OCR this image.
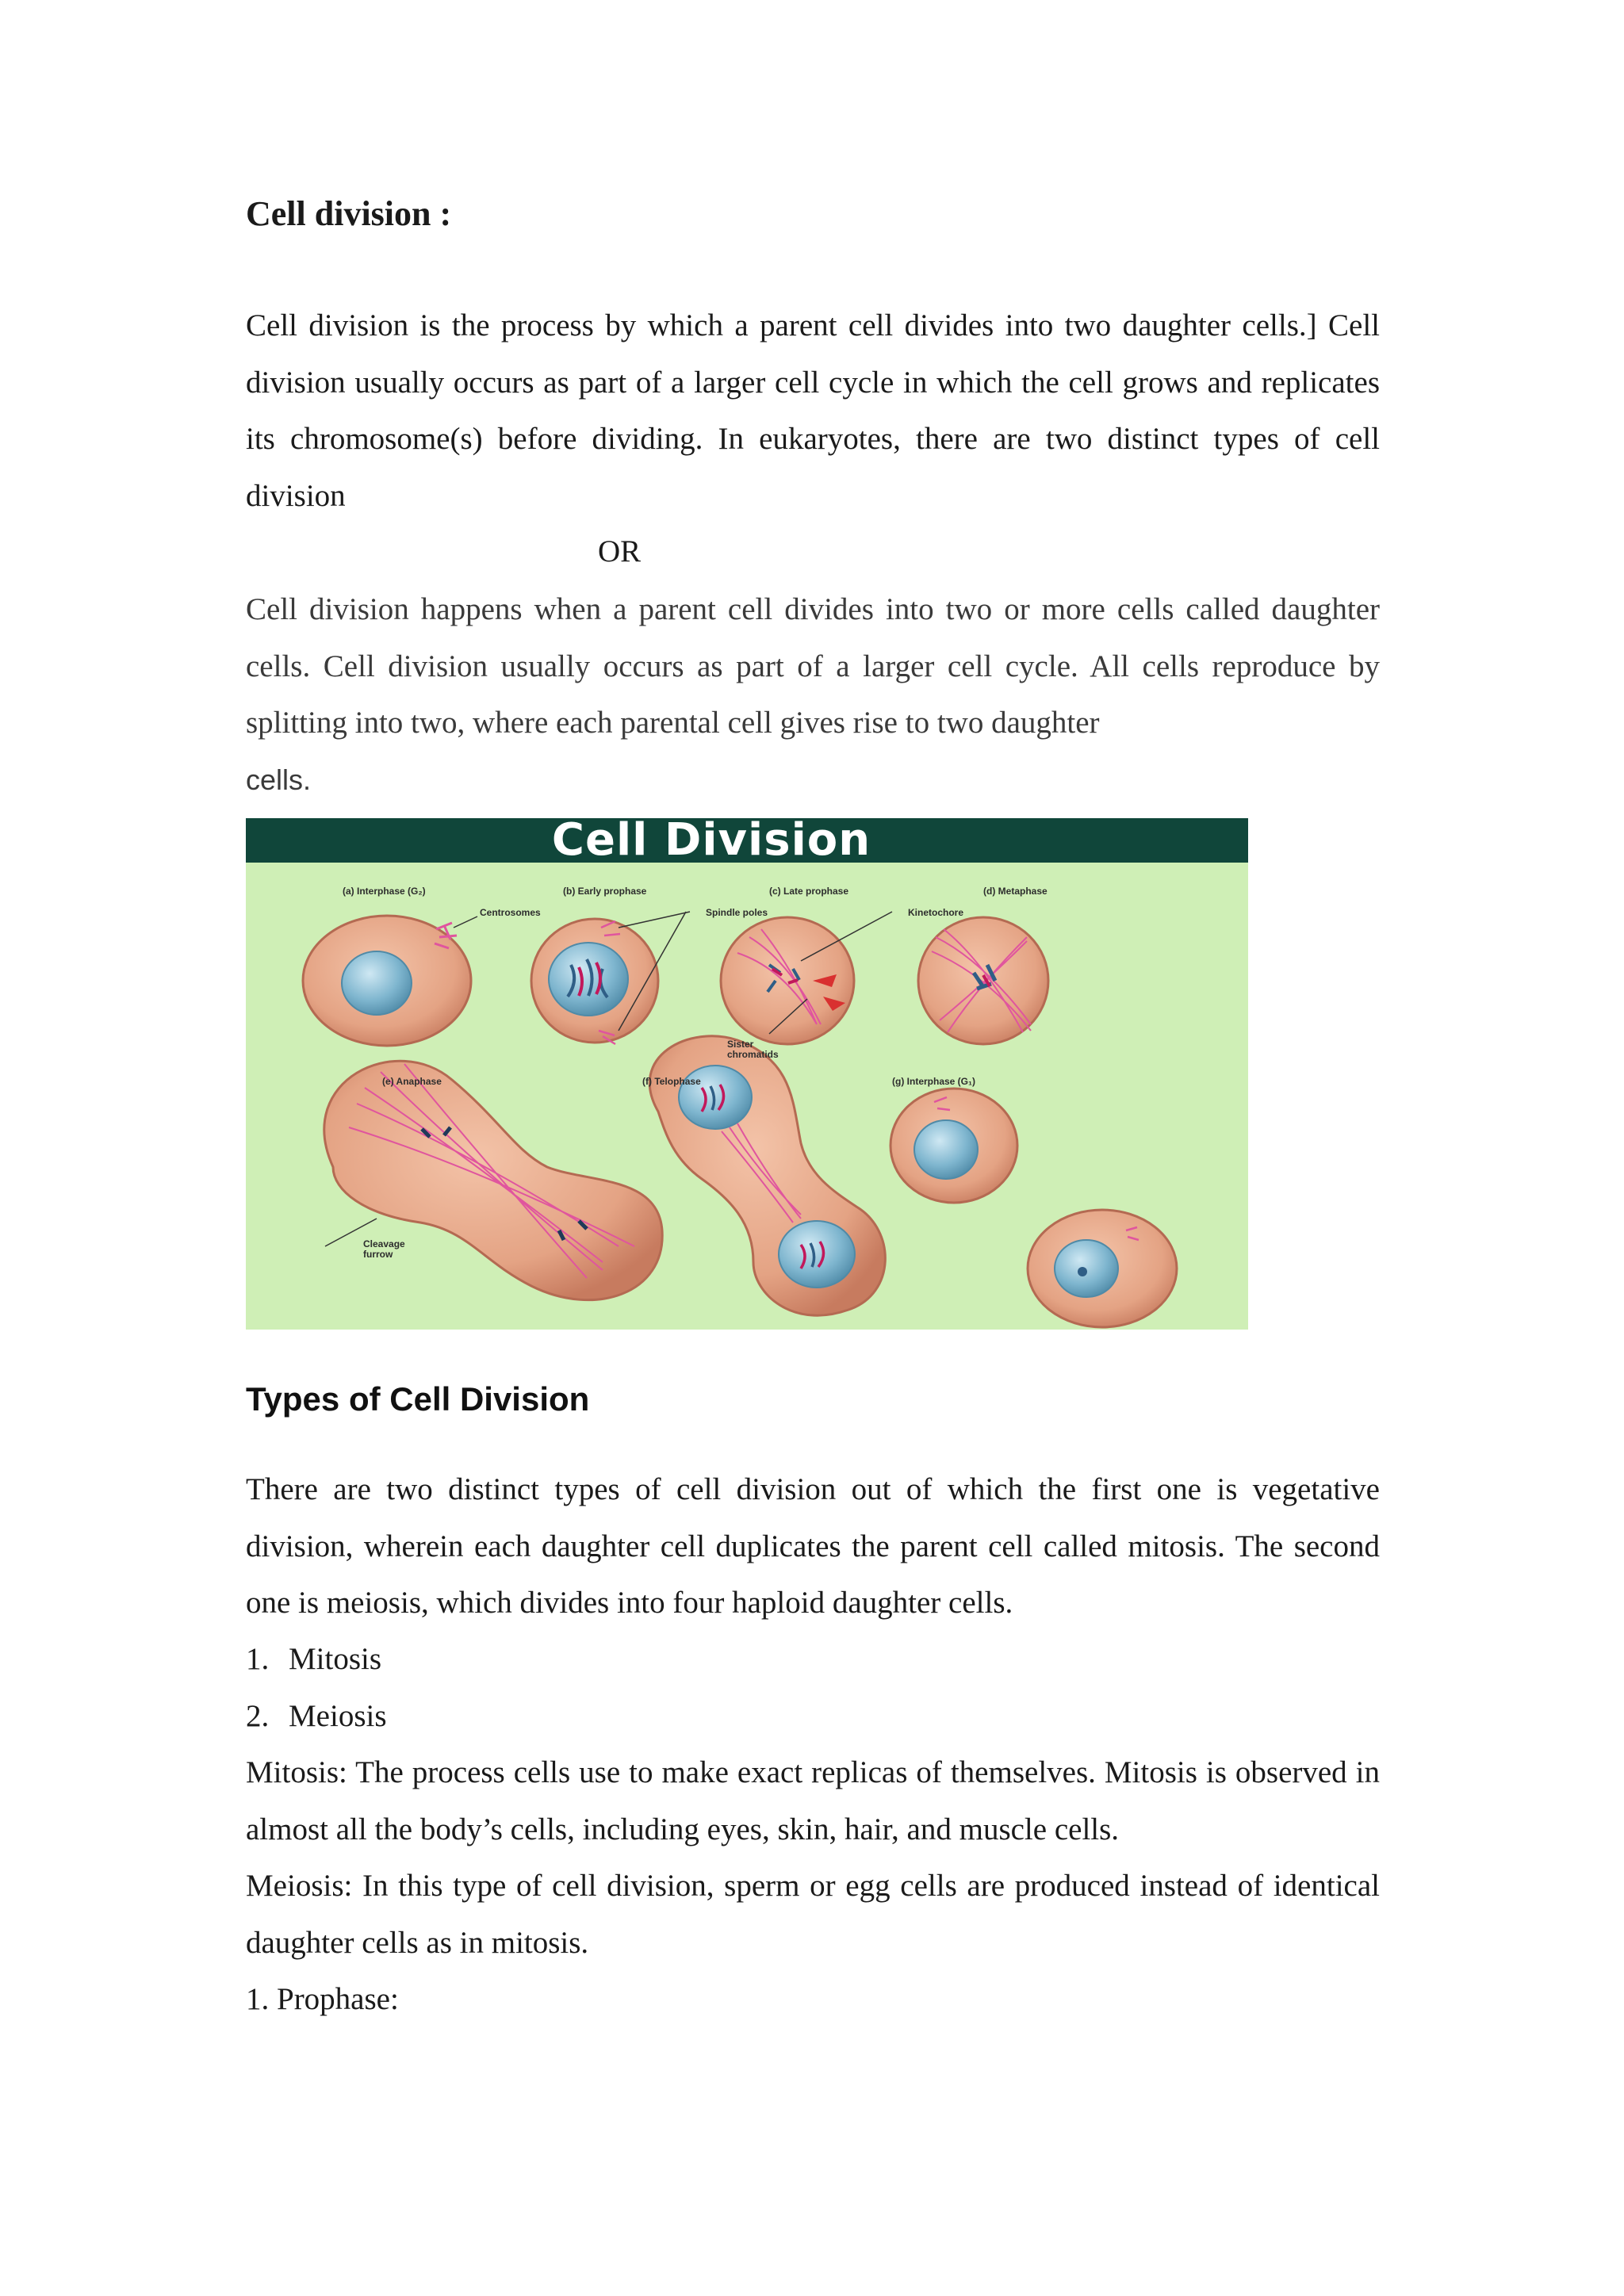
Cell division :

Cell division is the process by which a parent cell divides into two daughter cells.] Cell division usually occurs as part of a larger cell cycle in which the cell grows and replicates its chromosome(s) before dividing. In eukaryotes, there are two distinct types of cell division

OR

Cell division happens when a parent cell divides into two or more cells called daughter cells. Cell division usually occurs as part of a larger cell cycle. All cells reproduce by splitting into two, where each parental cell gives rise to two daughter
cells.

Cell Division
(a) Interphase (G₂)	(b) Early prophase	(c) Late prophase	(d) Metaphase
Centrosomes	Spindle poles	Kinetochore
Sister
chromatids
(e) Anaphase	(f) Telophase	(g) Interphase (G₁)
Cleavage
furrow
Types of Cell Division

There are two distinct types of cell division out of which the first one is vegetative division, wherein each daughter cell duplicates the parent cell called mitosis. The second one is meiosis, which divides into four haploid daughter cells.

1. Mitosis
2. Meiosis

Mitosis: The process cells use to make exact replicas of themselves. Mitosis is observed in almost all the body’s cells, including eyes, skin, hair, and muscle cells.

Meiosis: In this type of cell division, sperm or egg cells are produced instead of identical daughter cells as in mitosis.

1. Prophase:
